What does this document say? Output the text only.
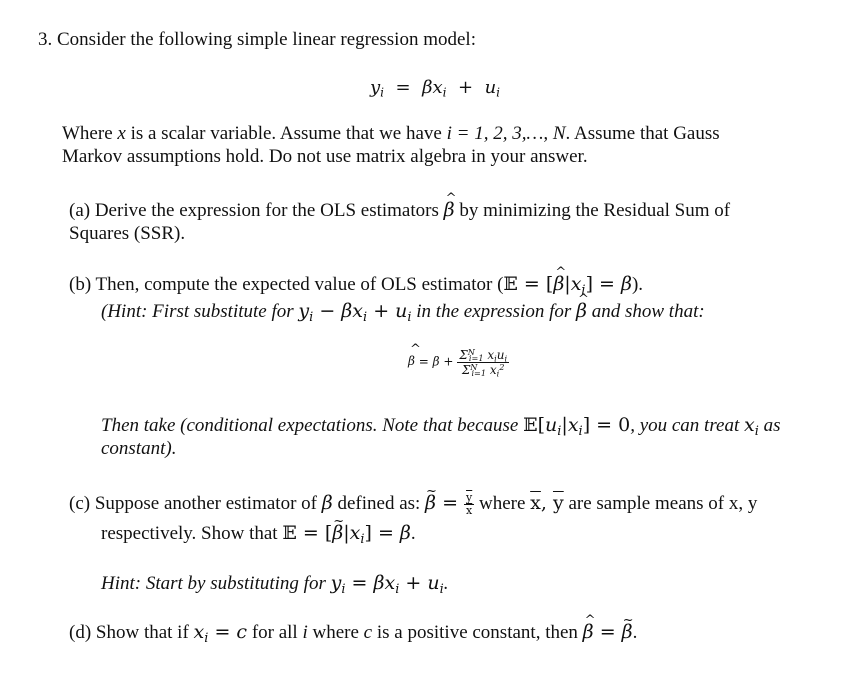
3. Consider the following simple linear regression model:
$y_i = \beta x_i + u_i$
Where x is a scalar variable. Assume that we have i = 1, 2, 3,…, N. Assume that Gauss
Markov assumptions hold. Do not use matrix algebra in your answer.
(a) Derive the expression for the OLS estimators ^ β by minimizing the Residual Sum of
Squares (SSR).
(b) Then, compute the expected value of OLS estimator (𝔼 = [^ $\beta|x_i] = \beta$).
(Hint: First substitute for $y_i - \beta x_i + u_i$ in the expression for ^ β and show that:
^ $\beta = \beta + \frac{\Sigma^N_{i=1} x_iu_i}{\Sigma^N_{i=1} x_i^2}$
Then take (conditional expectations. Note that because $𝔼[u_i|x_i] = 0$, you can treat $x_i$ as
constant).
(c) Suppose another estimator of β defined as: ~ $\beta = \frac{\overline{y}}{x}$ where $\overline{x}$, $\overline{y}$ are sample means of x, y
respectively. Show that 𝔼 = [~ $\beta|x_i] = \beta$.
Hint: Start by substituting for $y_i = \beta x_i + u_i$.
(d) Show that if $x_i = c$ for all i where c is a positive constant, then ^ β = ~ β.
